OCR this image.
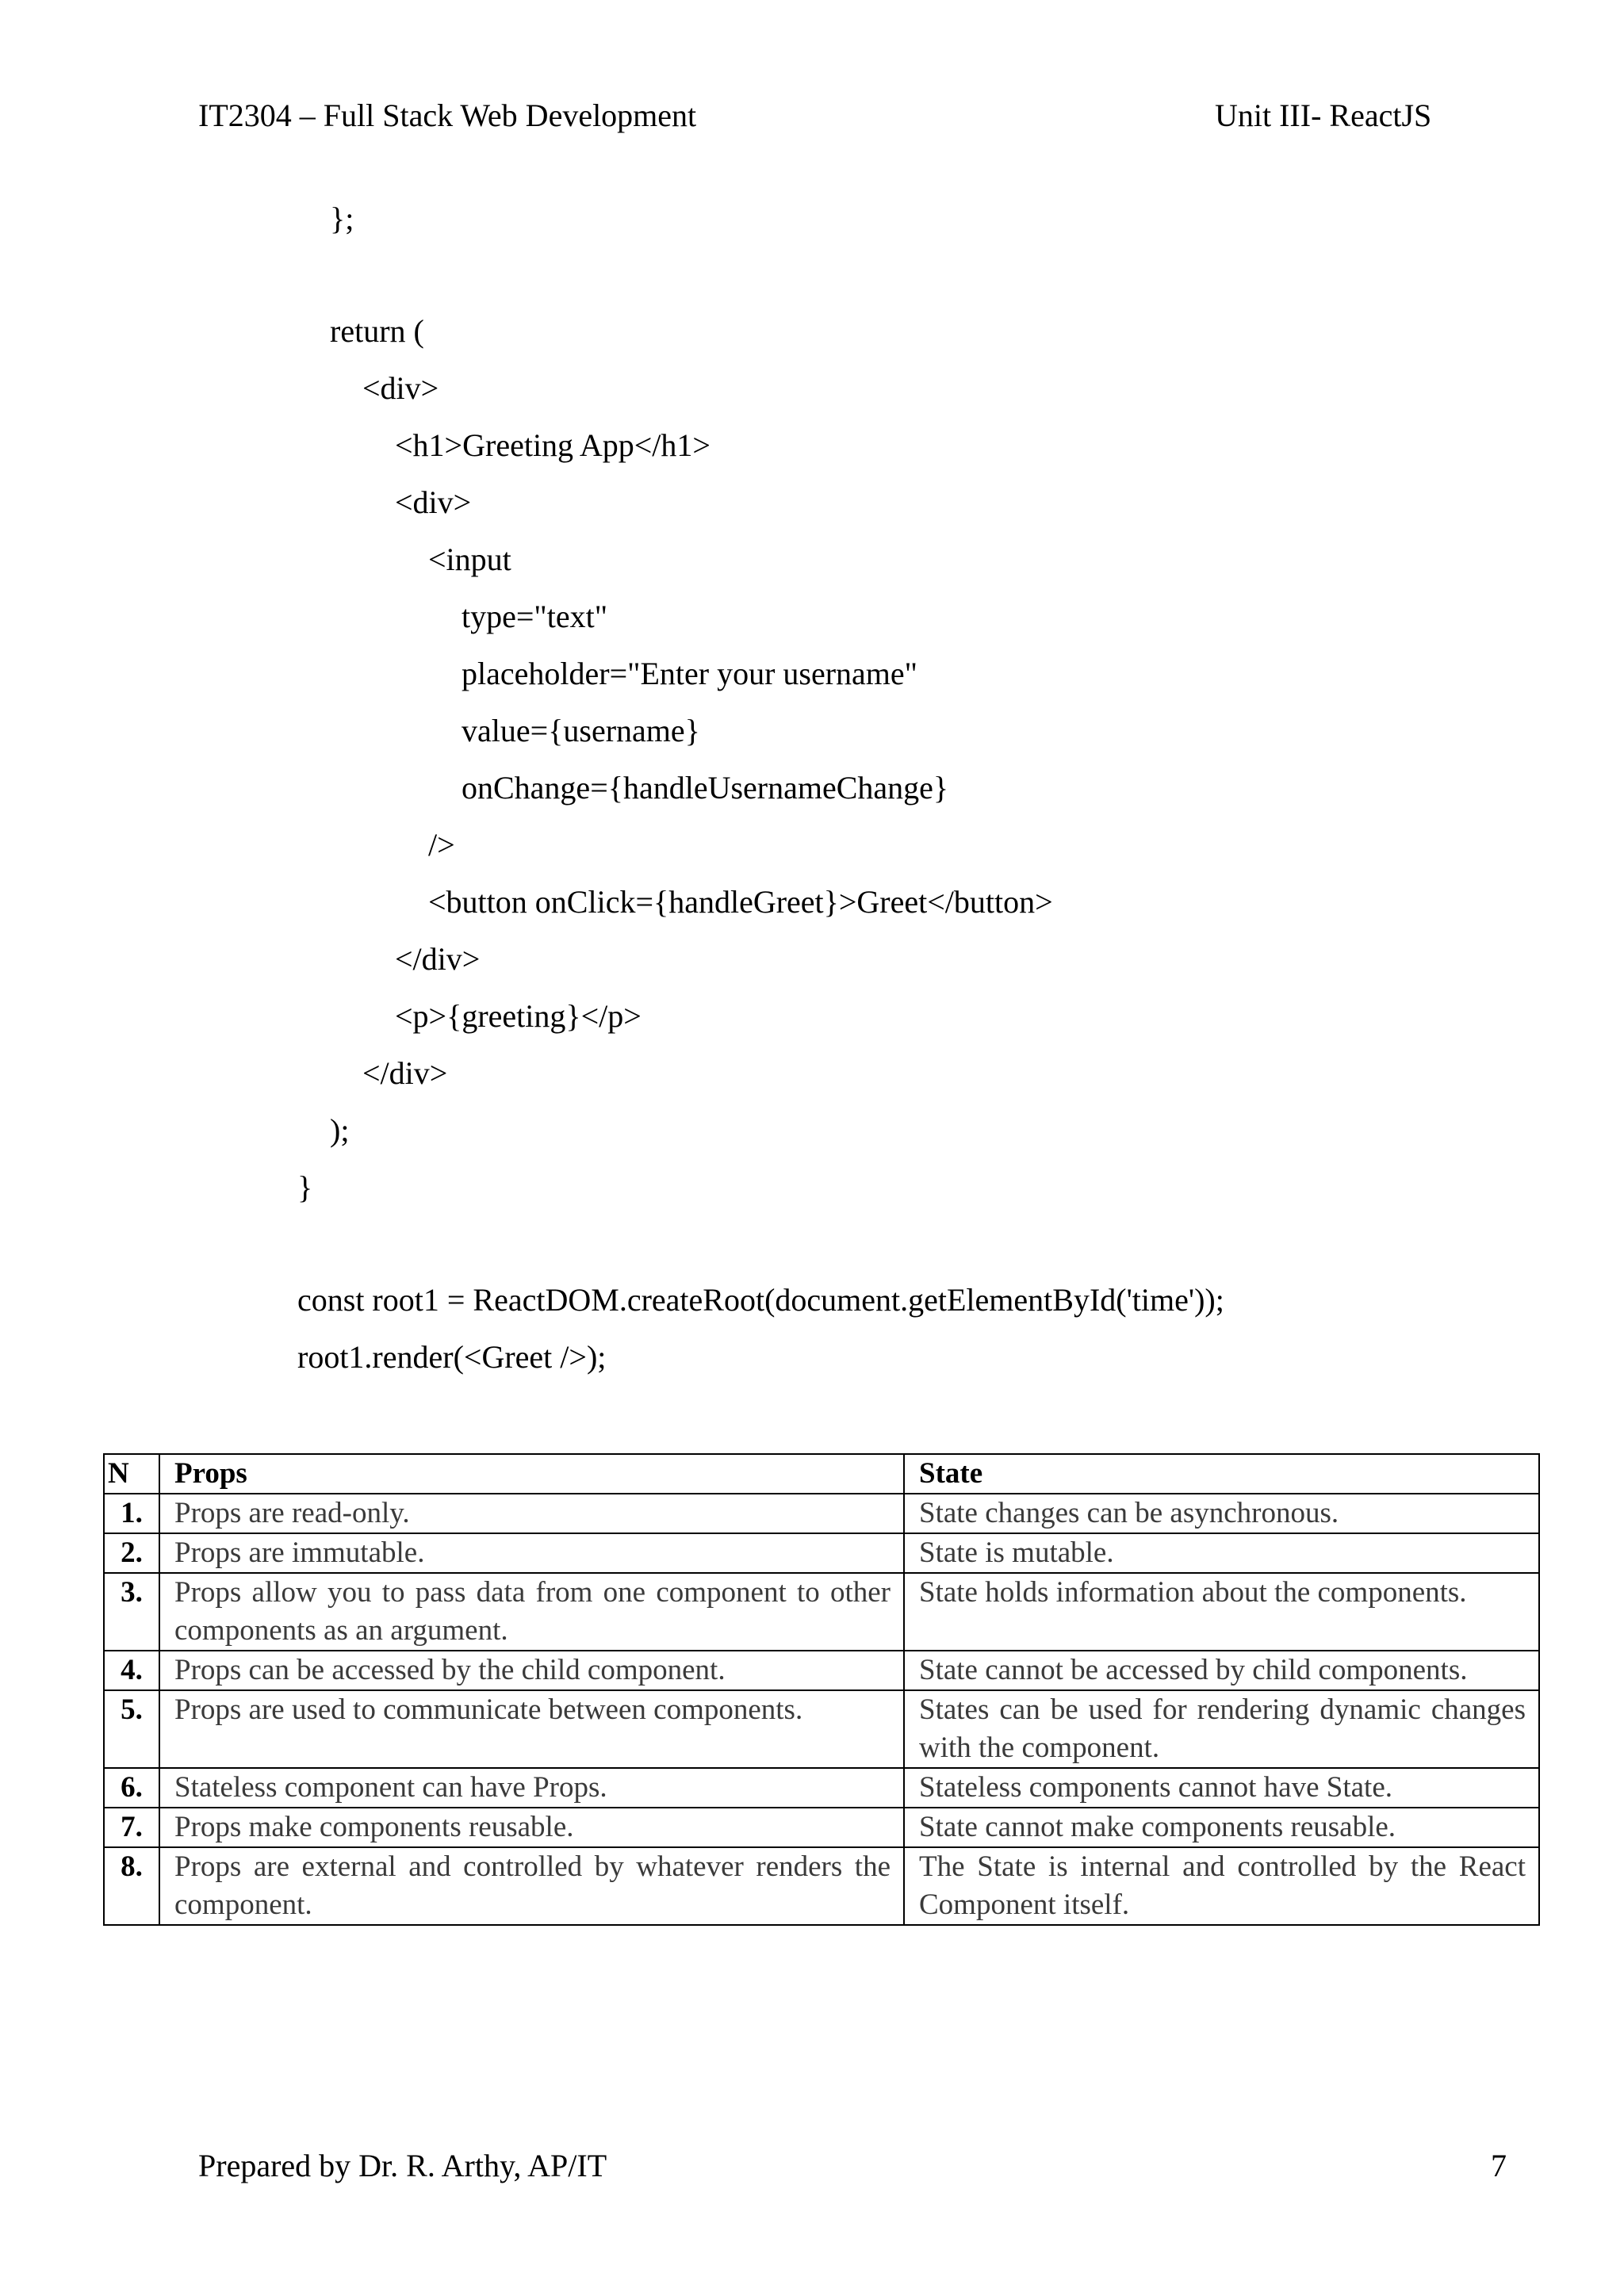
IT2304 – Full Stack Web Development	Unit III- ReactJS
};
return (
<div>
<h1>Greeting App</h1>
<div>
<input
type="text"
placeholder="Enter your username"
value={username}
onChange={handleUsernameChange}
/>
<button onClick={handleGreet}>Greet</button>
</div>
<p>{greeting}</p>
</div>
);
}
const root1 = ReactDOM.createRoot(document.getElementById('time'));
root1.render(<Greet />);
N	Props	State
1.	Props are read-only.	State changes can be asynchronous.
2.	Props are immutable.	State is mutable.
3.	Props allow you to pass data from one component to other components as an argument.	State holds information about the components.
4.	Props can be accessed by the child component.	State cannot be accessed by child components.
5.	Props are used to communicate between components.	States can be used for rendering dynamic changes with the component.
6.	Stateless component can have Props.	Stateless components cannot have State.
7.	Props make components reusable.	State cannot make components reusable.
8.	Props are external and controlled by whatever renders the component.	The State is internal and controlled by the React Component itself.
Prepared by Dr. R. Arthy, AP/IT	7
